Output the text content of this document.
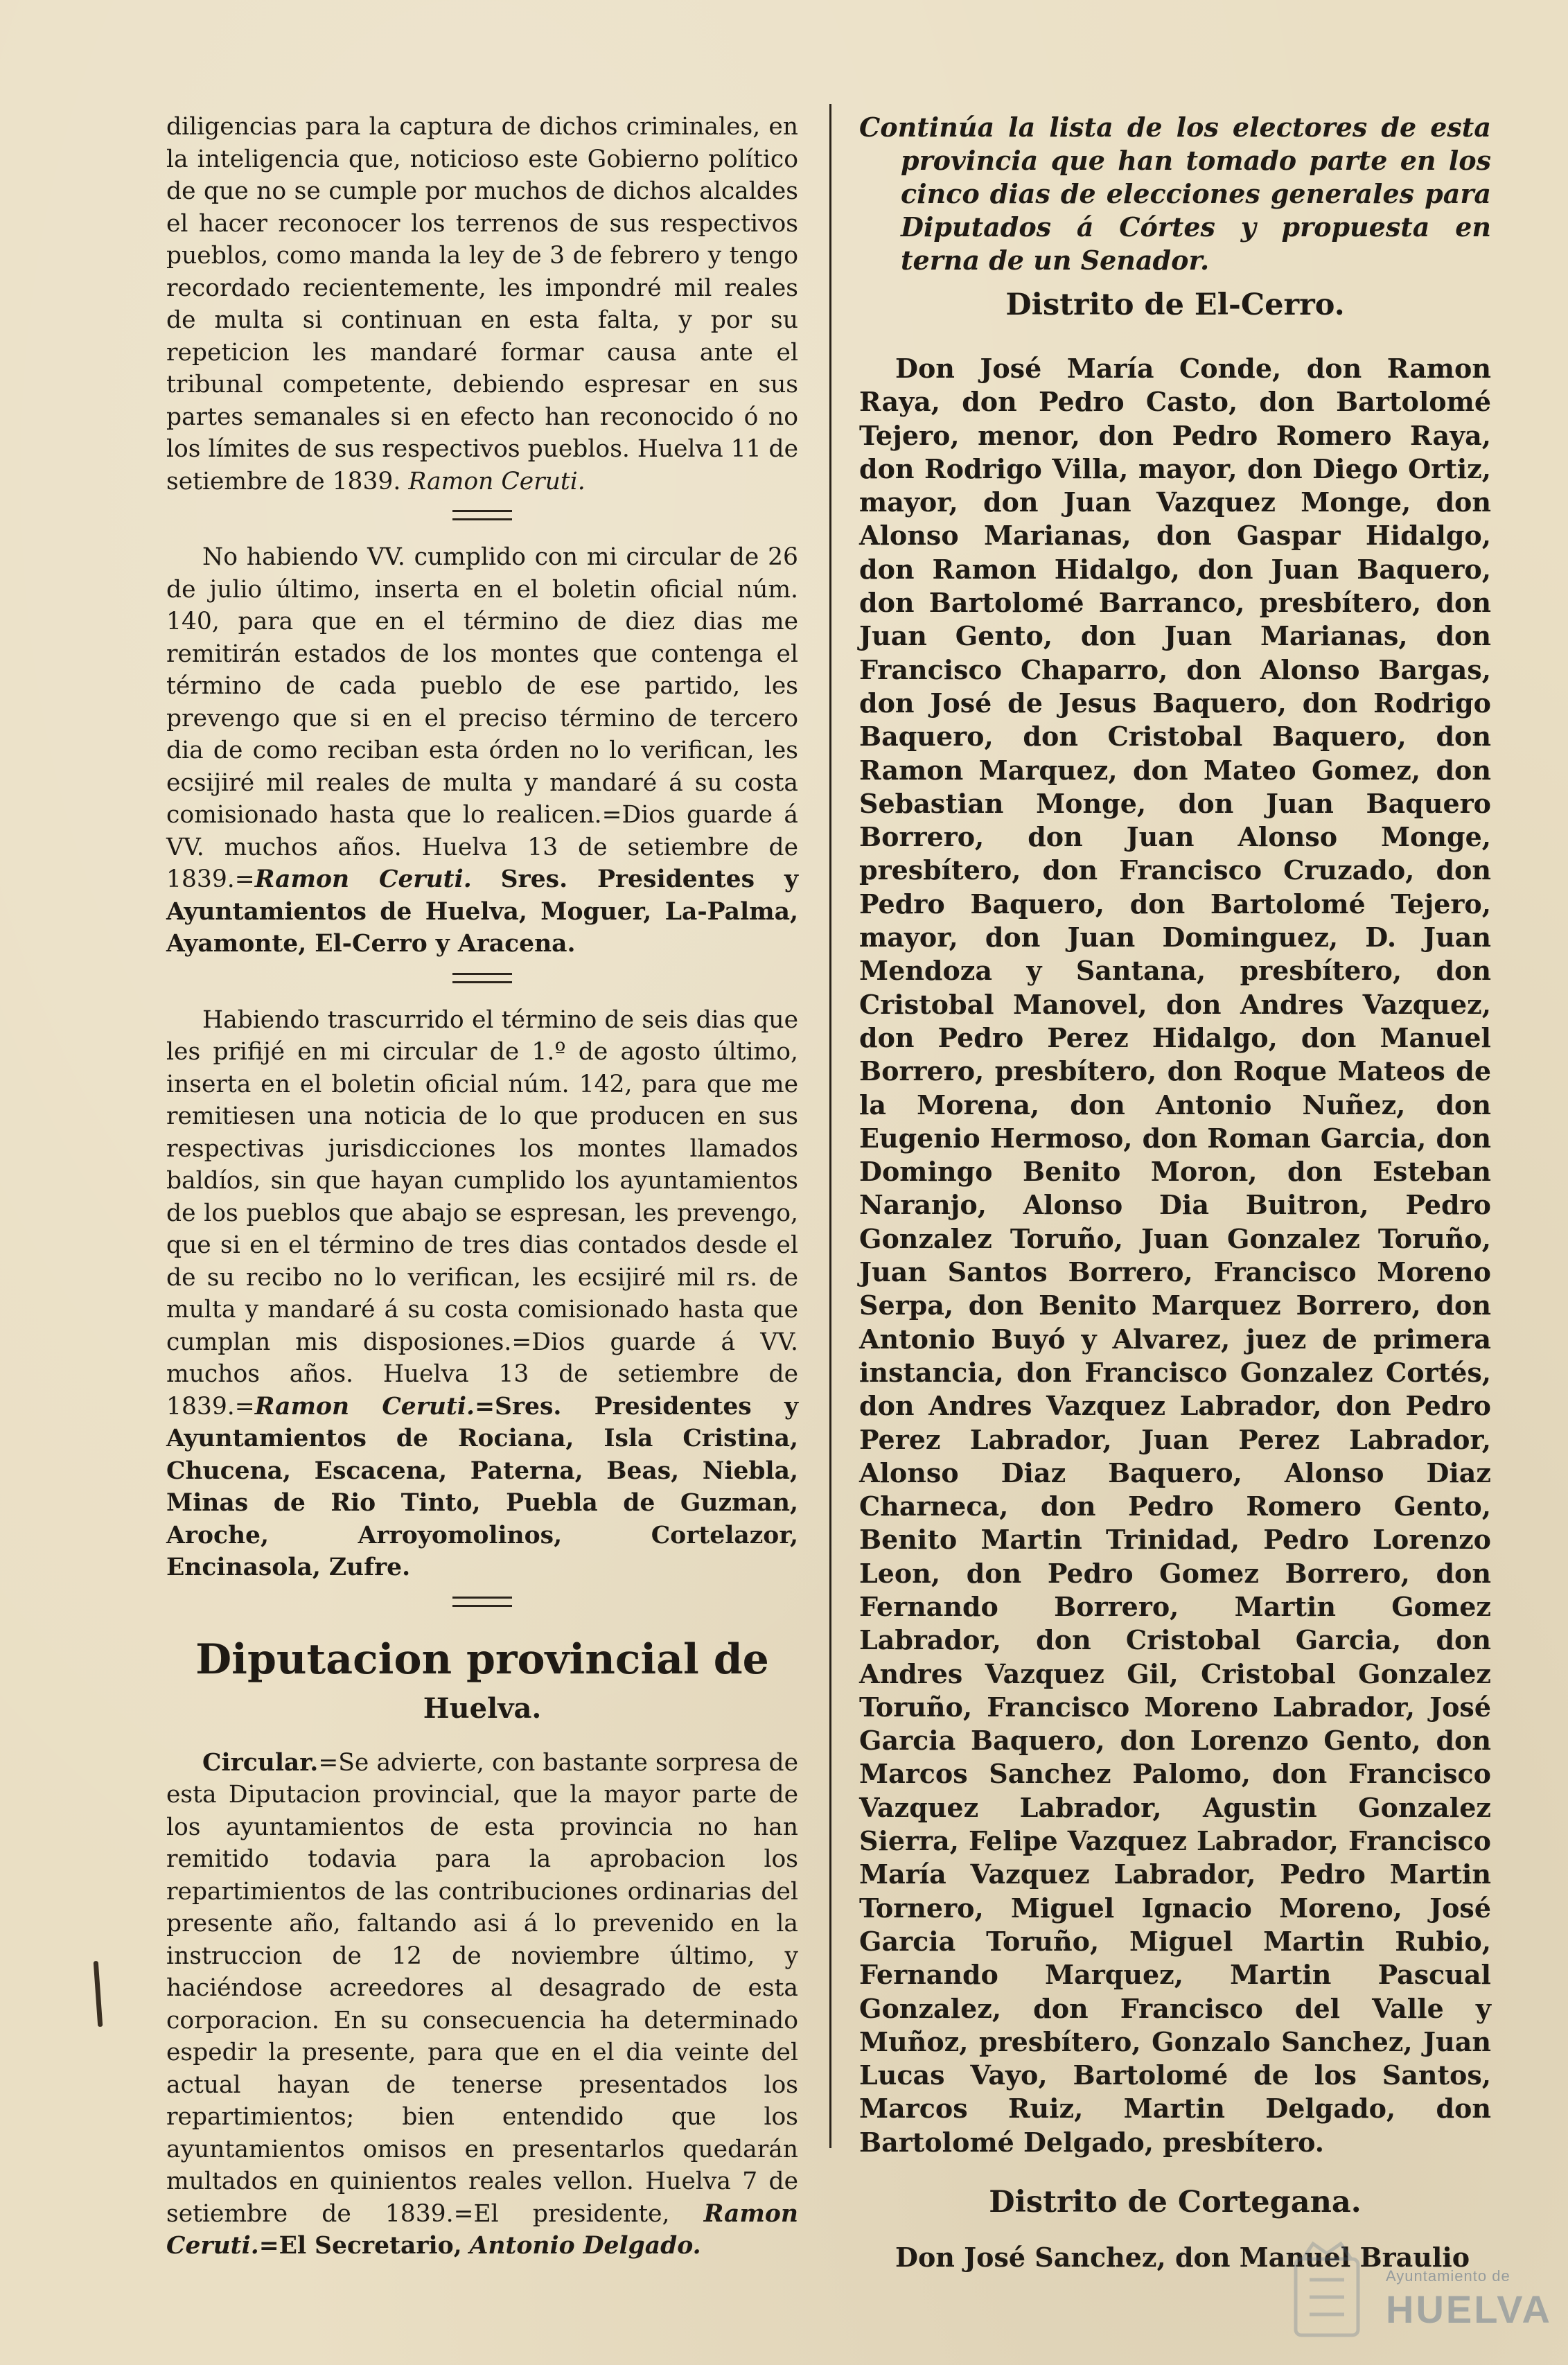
diligencias para la captura de dichos criminales, en la inteligencia que, noticioso este Gobierno político de que no se cumple por muchos de dichos alcaldes el hacer reconocer los terrenos de sus respectivos pueblos, como manda la ley de 3 de febrero y tengo recordado recientemente, les impondré mil reales de multa si continuan en esta falta, y por su repeticion les mandaré formar causa ante el tribunal competente, debiendo espresar en sus partes semanales si en efecto han reconocido ó no los límites de sus respectivos pueblos. Huelva 11 de setiembre de 1839. Ramon Ceruti.

No habiendo VV. cumplido con mi circular de 26 de julio último, inserta en el boletin oficial núm. 140, para que en el término de diez dias me remitirán estados de los montes que contenga el término de cada pueblo de ese partido, les prevengo que si en el preciso término de tercero dia de como reciban esta órden no lo verifican, les ecsijiré mil reales de multa y mandaré á su costa comisionado hasta que lo realicen.=Dios guarde á VV. muchos años. Huelva 13 de setiembre de 1839.=Ramon Ceruti. Sres. Presidentes y Ayuntamientos de Huelva, Moguer, La-Palma, Ayamonte, El-Cerro y Aracena.

Habiendo trascurrido el término de seis dias que les prifijé en mi circular de 1.º de agosto último, inserta en el boletin oficial núm. 142, para que me remitiesen una noticia de lo que producen en sus respectivas jurisdicciones los montes llamados baldíos, sin que hayan cumplido los ayuntamientos de los pueblos que abajo se espresan, les prevengo, que si en el término de tres dias contados desde el de su recibo no lo verifican, les ecsijiré mil rs. de multa y mandaré á su costa comisionado hasta que cumplan mis disposiones.=Dios guarde á VV. muchos años. Huelva 13 de setiembre de 1839.=Ramon Ceruti.=Sres. Presidentes y Ayuntamientos de Rociana, Isla Cristina, Chucena, Escacena, Paterna, Beas, Niebla, Minas de Rio Tinto, Puebla de Guzman, Aroche, Arroyomolinos, Cortelazor, Encinasola, Zufre.

Diputacion provincial de
Huelva.

Circular.=Se advierte, con bastante sorpresa de esta Diputacion provincial, que la mayor parte de los ayuntamientos de esta provincia no han remitido todavia para la aprobacion los repartimientos de las contribuciones ordinarias del presente año, faltando asi á lo prevenido en la instruccion de 12 de noviembre último, y haciéndose acreedores al desagrado de esta corporacion. En su consecuencia ha determinado espedir la presente, para que en el dia veinte del actual hayan de tenerse presentados los repartimientos; bien entendido que los ayuntamientos omisos en presentarlos quedarán multados en quinientos reales vellon. Huelva 7 de setiembre de 1839.=El presidente, Ramon Ceruti.=El Secretario, Antonio Delgado.

Continúa la lista de los electores de esta provincia que han tomado parte en los cinco dias de elecciones generales para Diputados á Córtes y propuesta en terna de un Senador.

Distrito de El-Cerro.

Don José María Conde, don Ramon Raya, don Pedro Casto, don Bartolomé Tejero, menor, don Pedro Romero Raya, don Rodrigo Villa, mayor, don Diego Ortiz, mayor, don Juan Vazquez Monge, don Alonso Marianas, don Gaspar Hidalgo, don Ramon Hidalgo, don Juan Baquero, don Bartolomé Barranco, presbítero, don Juan Gento, don Juan Marianas, don Francisco Chaparro, don Alonso Bargas, don José de Jesus Baquero, don Rodrigo Baquero, don Cristobal Baquero, don Ramon Marquez, don Mateo Gomez, don Sebastian Monge, don Juan Baquero Borrero, don Juan Alonso Monge, presbítero, don Francisco Cruzado, don Pedro Baquero, don Bartolomé Tejero, mayor, don Juan Dominguez, D. Juan Mendoza y Santana, presbítero, don Cristobal Manovel, don Andres Vazquez, don Pedro Perez Hidalgo, don Manuel Borrero, presbítero, don Roque Mateos de la Morena, don Antonio Nuñez, don Eugenio Hermoso, don Roman Garcia, don Domingo Benito Moron, don Esteban Naranjo, Alonso Dia Buitron, Pedro Gonzalez Toruño, Juan Gonzalez Toruño, Juan Santos Borrero, Francisco Moreno Serpa, don Benito Marquez Borrero, don Antonio Buyó y Alvarez, juez de primera instancia, don Francisco Gonzalez Cortés, don Andres Vazquez Labrador, don Pedro Perez Labrador, Juan Perez Labrador, Alonso Diaz Baquero, Alonso Diaz Charneca, don Pedro Romero Gento, Benito Martin Trinidad, Pedro Lorenzo Leon, don Pedro Gomez Borrero, don Fernando Borrero, Martin Gomez Labrador, don Cristobal Garcia, don Andres Vazquez Gil, Cristobal Gonzalez Toruño, Francisco Moreno Labrador, José Garcia Baquero, don Lorenzo Gento, don Marcos Sanchez Palomo, don Francisco Vazquez Labrador, Agustin Gonzalez Sierra, Felipe Vazquez Labrador, Francisco María Vazquez Labrador, Pedro Martin Tornero, Miguel Ignacio Moreno, José Garcia Toruño, Miguel Martin Rubio, Fernando Marquez, Martin Pascual Gonzalez, don Francisco del Valle y Muñoz, presbítero, Gonzalo Sanchez, Juan Lucas Vayo, Bartolomé de los Santos, Marcos Ruiz, Martin Delgado, don Bartolomé Delgado, presbítero.

Distrito de Cortegana.

Don José Sanchez, don Manuel Braulio

Ayuntamiento de
HUELVA
